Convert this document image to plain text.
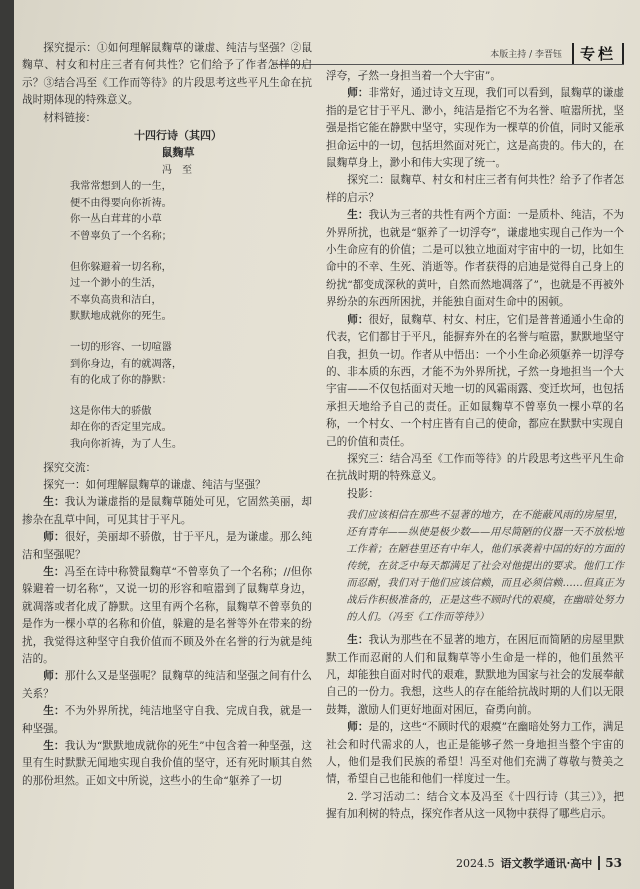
本版主持 / 李晋钰	专栏

探究提示：①如何理解鼠麴草的谦虚、纯洁与坚强？②鼠麴草、村女和村庄三者有何共性？它们给予了作者怎样的启示？③结合冯至《工作而等待》的片段思考这些平凡生命在抗战时期体现的特殊意义。

材料链接：

十四行诗（其四）

鼠麴草

冯　至

我常常想到人的一生，
便不由得要向你祈祷。
你一丛白茸茸的小草
不曾辜负了一个名称；
但你躲避着一切名称，
过一个渺小的生活，
不辜负高贵和洁白，
默默地成就你的死生。
一切的形容、一切喧嚣
到你身边，有的就凋落，
有的化成了你的静默：
这是你伟大的骄傲
却在你的否定里完成。
我向你祈祷，为了人生。

探究交流：

探究一：如何理解鼠麴草的谦虚、纯洁与坚强？

生：我认为谦虚指的是鼠麴草随处可见，它固然美丽，却掺杂在乱草中间，可见其甘于平凡。

师：很好，美丽却不骄傲，甘于平凡，是为谦虚。那么纯洁和坚强呢？

生：冯至在诗中称赞鼠麴草“不曾辜负了一个名称；//但你躲避着一切名称”，又说一切的形容和喧嚣到了鼠麴草身边，就凋落或者化成了静默。这里有两个名称，鼠麴草不曾辜负的是作为一棵小草的名称和价值，躲避的是名誉等外在带来的纷扰，我觉得这种坚守自我价值而不顾及外在名誉的行为就是纯洁的。

师：那什么又是坚强呢？鼠麴草的纯洁和坚强之间有什么关系？

生：不为外界所扰，纯洁地坚守自我、完成自我，就是一种坚强。

生：我认为“默默地成就你的死生”中包含着一种坚强，这里有生时默默无闻地实现自我价值的坚守，还有死时顺其自然的那份坦然。正如文中所说，这些小的生命“躯养了一切

浮夸，孑然一身担当着一个大宇宙”。

师：非常好，通过诗文互现，我们可以看到，鼠麴草的谦虚指的是它甘于平凡、渺小，纯洁是指它不为名誉、喧嚣所扰，坚强是指它能在静默中坚守，实现作为一棵草的价值，同时又能承担命运中的一切，包括坦然面对死亡，这是高贵的。伟大的，在鼠麴草身上，渺小和伟大实现了统一。

探究二：鼠麴草、村女和村庄三者有何共性？给予了作者怎样的启示？

生：我认为三者的共性有两个方面：一是质朴、纯洁，不为外界所扰，也就是“躯养了一切浮夸”，谦虚地实现自己作为一个小生命应有的价值；二是可以独立地面对宇宙中的一切，比如生命中的不幸、生死、消逝等。作者获得的启迪是觉得自己身上的纷扰“都变成深秋的黄叶，自然而然地凋落了”，也就是不再被外界纷杂的东西所困扰，并能独自面对生命中的困顿。

师：很好，鼠麴草、村女、村庄，它们是普普通通小生命的代表，它们都甘于平凡，能摒弃外在的名誉与喧嚣，默默地坚守自我，担负一切。作者从中悟出：一个小生命必须躯养一切浮夸的、非本质的东西，才能不为外界所扰，孑然一身地担当一个大宇宙——不仅包括面对天地一切的风霜雨露、变迁坎坷，也包括承担天地给予自己的责任。正如鼠麴草不曾辜负一棵小草的名称，一个村女、一个村庄皆有自己的使命，都应在默默中实现自己的价值和责任。

探究三：结合冯至《工作而等待》的片段思考这些平凡生命在抗战时期的特殊意义。

投影：

我们应该相信在那些不显著的地方，在不能蔽风雨的房屋里，还有青年——纵使是极少数——用尽简陋的仪器一天不放松地工作着；在陋巷里还有中年人，他们承袭着中国的好的方面的传统，在贫乏中每天都满足了社会对他提出的要求。他们工作而忍耐，我们对于他们应该信赖，而且必须信赖……但真正为战后作积极准备的，正是这些不顾时代的艰瘼，在幽暗处努力的人们。（冯至《工作而等待》）

生：我认为那些在不显著的地方，在困厄而简陋的房屋里默默工作而忍耐的人们和鼠麴草等小生命是一样的，他们虽然平凡，却能独自面对时代的艰难，默默地为国家与社会的发展奉献自己的一份力。我想，这些人的存在能给抗战时期的人们以无限鼓舞，激励人们更好地面对困厄，奋勇向前。

师：是的，这些“不顾时代的艰瘼”在幽暗处努力工作，满足社会和时代需求的人，也正是能够孑然一身地担当整个宇宙的人，他们是我们民族的希望！冯至对他们充满了尊敬与赞美之情，希望自己也能和他们一样度过一生。

2. 学习活动二：结合文本及冯至《十四行诗（其三）》，把握有加利树的特点，探究作者从这一风物中获得了哪些启示。

2024.5 语文教学通讯·高中	53
